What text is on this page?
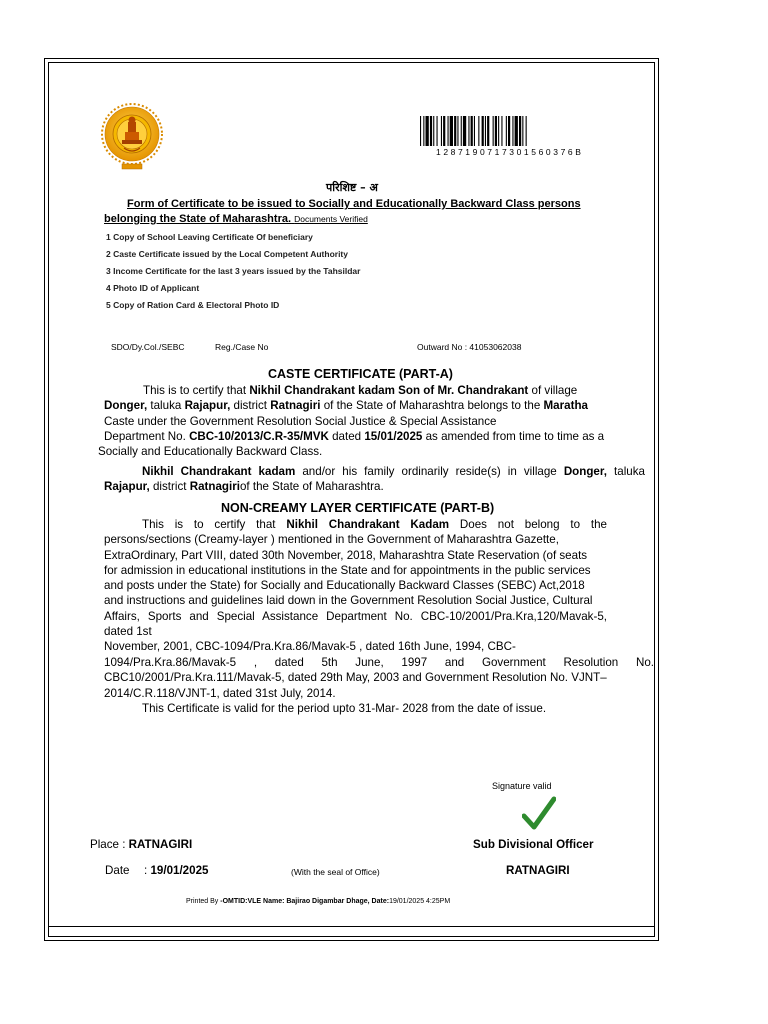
1287190717301560376B
परिशिष्ट – अ
Form of Certificate to be issued to Socially and Educationally Backward Class persons
belonging the State of Maharashtra. Documents Verified
1 Copy of School Leaving Certificate Of beneficiary
2 Caste Certificate issued by the Local Competent Authority
3 Income Certificate for the last 3 years issued by the Tahsildar
4 Photo ID of Applicant
5 Copy of Ration Card & Electoral Photo ID
SDO/Dy.Col./SEBC	Reg./Case No	Outward No : 41053062038
CASTE CERTIFICATE (PART-A)
This is to certify that Nikhil Chandrakant kadam Son of Mr. Chandrakant of village
Donger, taluka Rajapur, district Ratnagiri of the State of Maharashtra belongs to the Maratha
Caste under the Government Resolution Social Justice & Special Assistance
Department No. CBC-10/2013/C.R-35/MVK dated 15/01/2025 as amended from time to time as a
Socially and Educationally Backward Class.
Nikhil Chandrakant kadam and/or his family ordinarily reside(s) in village Donger, taluka
Rajapur, district Ratnagiriof the State of Maharashtra.
NON-CREAMY LAYER CERTIFICATE (PART-B)
This is to certify that Nikhil Chandrakant Kadam Does not belong to the
persons/sections (Creamy-layer ) mentioned in the Government of Maharashtra Gazette,
ExtraOrdinary, Part VIII, dated 30th November, 2018, Maharashtra State Reservation (of seats
for admission in educational institutions in the State and for appointments in the public services
and posts under the State) for Socially and Educationally Backward Classes (SEBC) Act,2018
and instructions and guidelines laid down in the Government Resolution Social Justice, Cultural
Affairs, Sports and Special Assistance Department No. CBC-10/2001/Pra.Kra,120/Mavak-5,
dated 1st
November, 2001, CBC-1094/Pra.Kra.86/Mavak-5 , dated 16th June, 1994, CBC-
1094/Pra.Kra.86/Mavak-5 , dated 5th June, 1997 and Government Resolution No.
CBC10/2001/Pra.Kra.111/Mavak-5, dated 29th May, 2003 and Government Resolution No. VJNT–
2014/C.R.118/VJNT-1, dated 31st July, 2014.
This Certificate is valid for the period upto 31-Mar- 2028 from the date of issue.
Signature valid
Sub Divisional Officer
RATNAGIRI
Place : RATNAGIRI
Date : 19/01/2025	(With the seal of Office)
Printed By -OMTID:VLE Name: Bajirao Digambar Dhage, Date:19/01/2025 4:25PM
